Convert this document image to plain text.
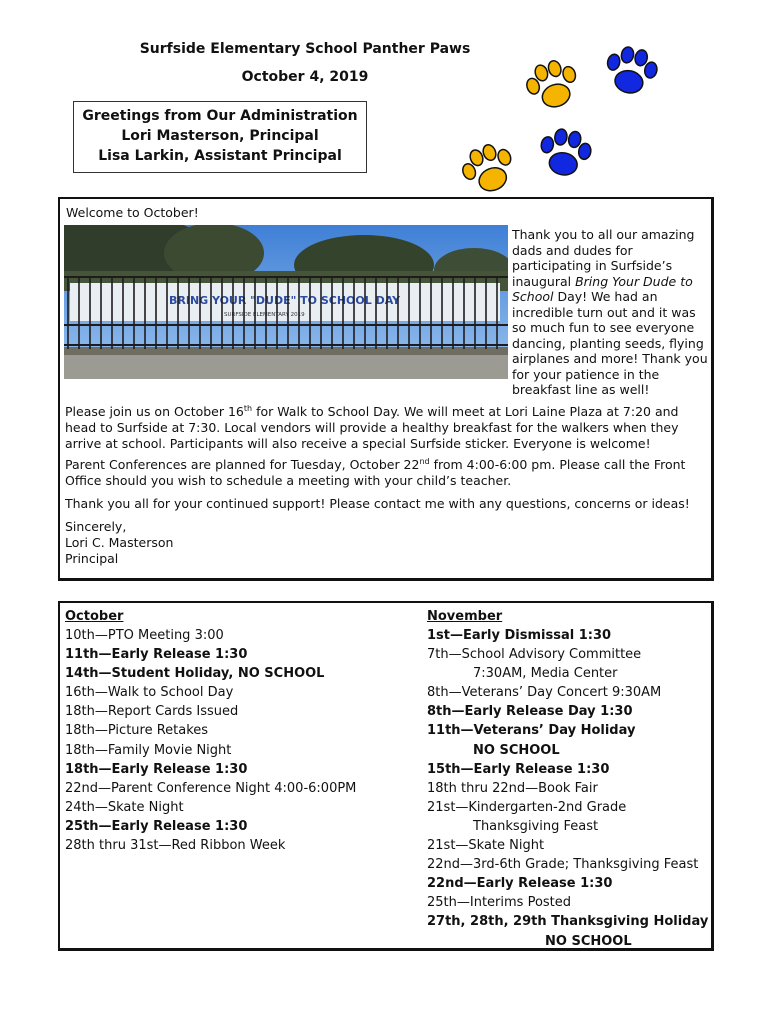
Surfside Elementary School Panther Paws
October 4, 2019
Greetings from Our Administration
Lori Masterson, Principal
Lisa Larkin, Assistant Principal
Welcome to October!
BRING YOUR "DUDE" TO SCHOOL DAY
SURFSIDE ELEMENTARY 2019
Thank you to all our amazing dads and dudes for participating in Surfside’s inaugural Bring Your Dude to School Day! We had an incredible turn out and it was so much fun to see everyone dancing, planting seeds, flying airplanes and more! Thank you for your patience in the breakfast line as well!
Please join us on October 16th for Walk to School Day. We will meet at Lori Laine Plaza at 7:20 and head to Surfside at 7:30. Local vendors will provide a healthy breakfast for the walkers when they arrive at school. Participants will also receive a special Surfside sticker. Everyone is welcome!
Parent Conferences are planned for Tuesday, October 22nd from 4:00-6:00 pm. Please call the Front Office should you wish to schedule a meeting with your child’s teacher.
Thank you all for your continued support! Please contact me with any questions, concerns or ideas!
Sincerely,
Lori C. Masterson
Principal
October
10th—PTO Meeting 3:00
11th—Early Release 1:30
14th—Student Holiday, NO SCHOOL
16th—Walk to School Day
18th—Report Cards Issued
18th—Picture Retakes
18th—Family Movie Night
18th—Early Release 1:30
22nd—Parent Conference Night 4:00-6:00PM
24th—Skate Night
25th—Early Release 1:30
28th thru 31st—Red Ribbon Week
November
1st—Early Dismissal 1:30
7th—School Advisory Committee
7:30AM, Media Center
8th—Veterans’ Day Concert 9:30AM
8th—Early Release Day 1:30
11th—Veterans’ Day Holiday
NO SCHOOL
15th—Early Release 1:30
18th thru 22nd—Book Fair
21st—Kindergarten-2nd Grade
Thanksgiving Feast
21st—Skate Night
22nd—3rd-6th Grade; Thanksgiving Feast
22nd—Early Release 1:30
25th—Interims Posted
27th, 28th, 29th Thanksgiving Holiday
NO SCHOOL
